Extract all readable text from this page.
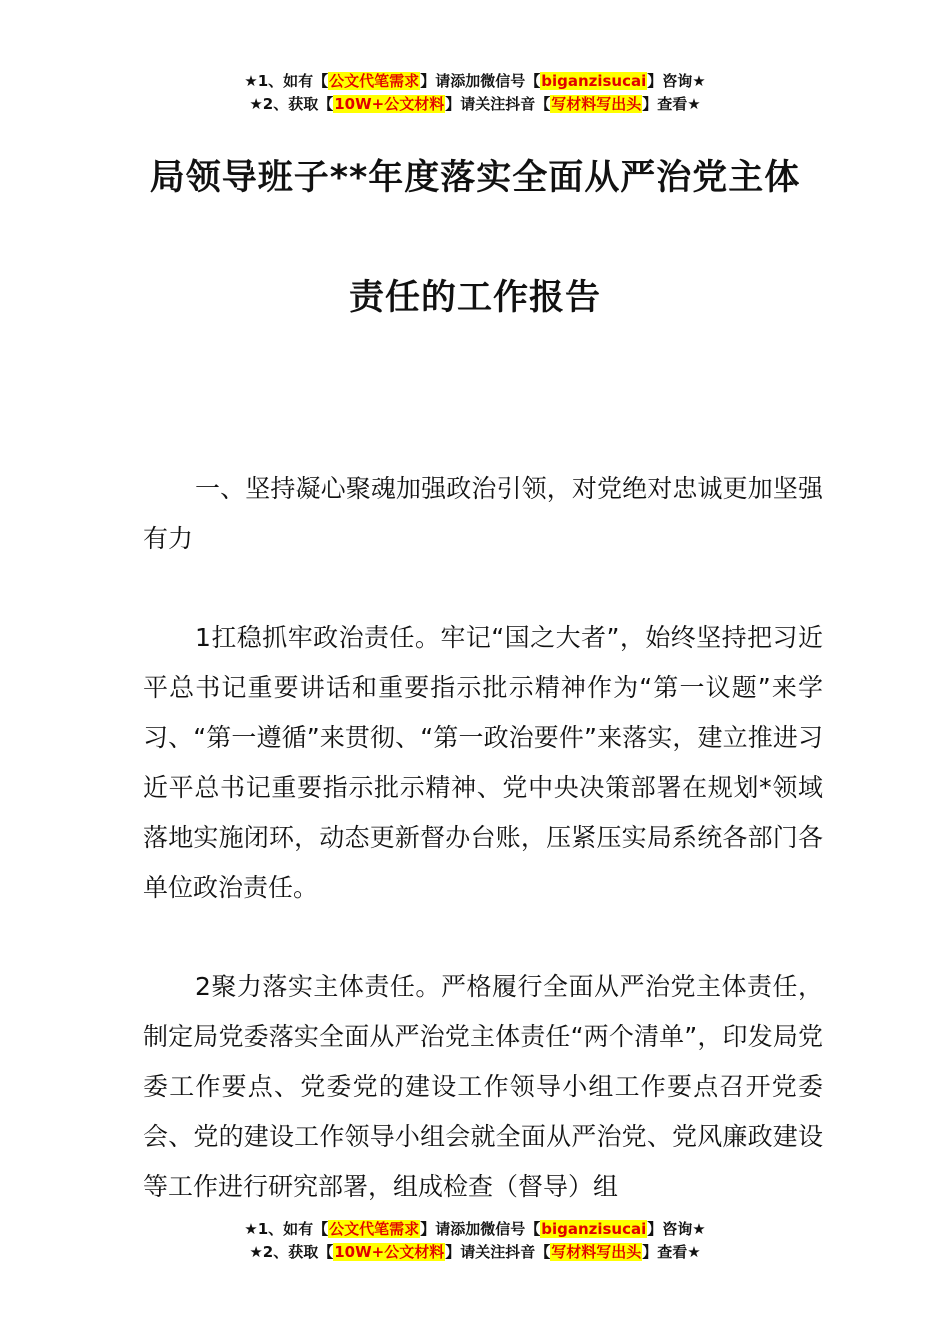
★1、如有【公文代笔需求】请添加微信号【biganzisucai】咨询★
★2、获取【10W+公文材料】请关注抖音【写材料写出头】查看★
局领导班子**年度落实全面从严治党主体
责任的工作报告

一、坚持凝心聚魂加强政治引领，对党绝对忠诚更加坚强有力

1扛稳抓牢政治责任。牢记“国之大者”，始终坚持把习近平总书记重要讲话和重要指示批示精神作为“第一议题”来学习、“第一遵循”来贯彻、“第一政治要件”来落实，建立推进习近平总书记重要指示批示精神、党中央决策部署在规划*领域落地实施闭环，动态更新督办台账，压紧压实局系统各部门各单位政治责任。

2聚力落实主体责任。严格履行全面从严治党主体责任，制定局党委落实全面从严治党主体责任“两个清单”，印发局党委工作要点、党委党的建设工作领导小组工作要点召开党委会、党的建设工作领导小组会就全面从严治党、党风廉政建设等工作进行研究部署，组成检查（督导）组

★1、如有【公文代笔需求】请添加微信号【biganzisucai】咨询★
★2、获取【10W+公文材料】请关注抖音【写材料写出头】查看★
